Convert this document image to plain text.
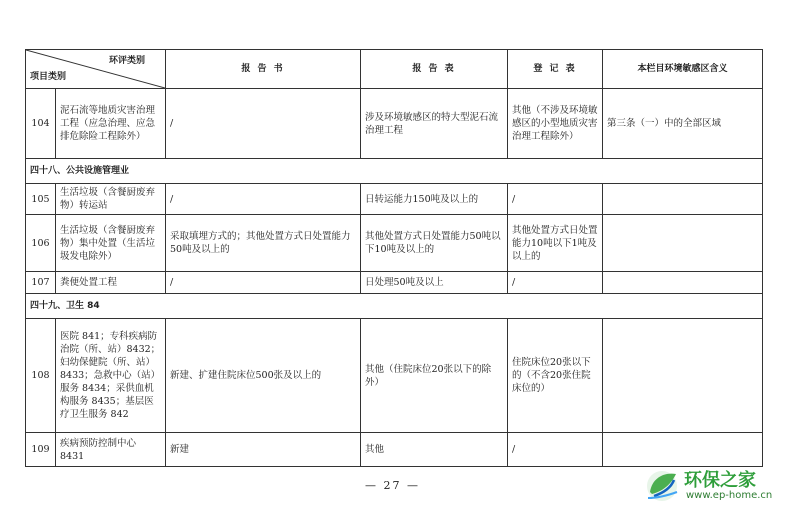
环评类别
项目类别		报 告 书	报 告 表	登 记 表	本栏目环境敏感区含义
104	泥石流等地质灾害治理工程（应急治理、应急排危除险工程除外）	/	涉及环境敏感区的特大型泥石流治理工程	其他（不涉及环境敏感区的小型地质灾害治理工程除外）	第三条（一）中的全部区域
四十八、公共设施管理业					
105	生活垃圾（含餐厨废弃物）转运站	/	日转运能力150吨及以上的	/	
106	生活垃圾（含餐厨废弃物）集中处置（生活垃圾发电除外）	采取填埋方式的；其他处置方式日处置能力50吨及以上的	其他处置方式日处置能力50吨以下10吨及以上的	其他处置方式日处置能力10吨以下1吨及以上的	
107	粪便处置工程	/	日处理50吨及以上	/	
四十九、卫生 84					
108	医院 841；专科疾病防治院（所、站）8432；妇幼保健院（所、站）8433；急救中心（站）服务 8434；采供血机构服务 8435；基层医疗卫生服务 842	新建、扩建住院床位500张及以上的	其他（住院床位20张以下的除外）	住院床位20张以下的（不含20张住院床位的）	
109	疾病预防控制中心 8431	新建	其他	/	
— 27 —	环保之家
www.ep-home.cn
